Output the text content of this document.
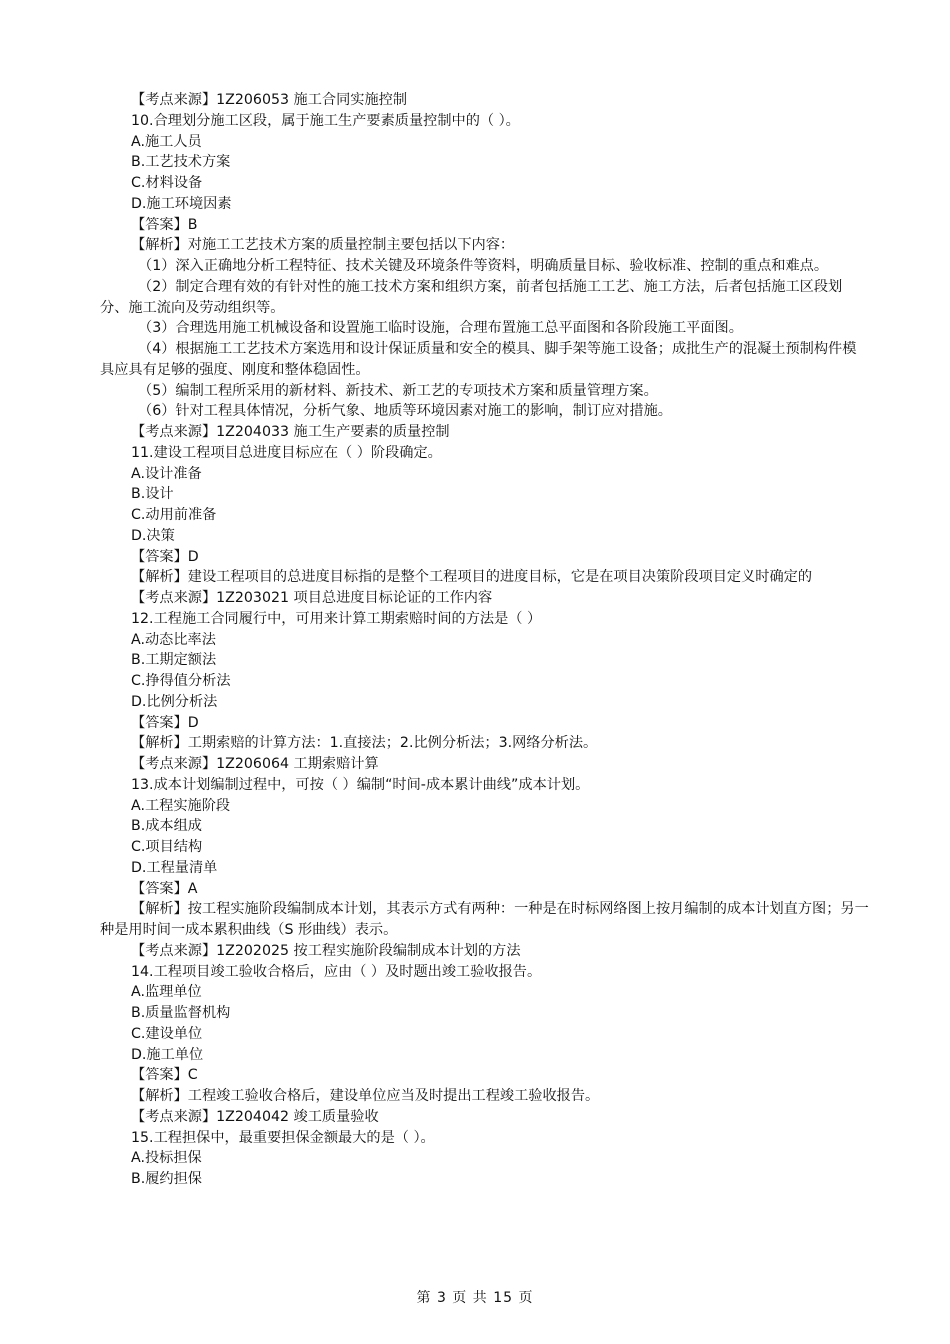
【考点来源】1Z206053 施工合同实施控制
10.合理划分施工区段，属于施工生产要素质量控制中的（ ）。
A.施工人员
B.工艺技术方案
C.材料设备
D.施工环境因素
【答案】B
【解析】对施工工艺技术方案的质量控制主要包括以下内容：
（1）深入正确地分析工程特征、技术关键及环境条件等资料，明确质量目标、验收标准、控制的重点和难点。
（2）制定合理有效的有针对性的施工技术方案和组织方案，前者包括施工工艺、施工方法，后者包括施工区段划分、施工流向及劳动组织等。
（3）合理选用施工机械设备和设置施工临时设施，合理布置施工总平面图和各阶段施工平面图。
（4）根据施工工艺技术方案选用和设计保证质量和安全的模具、脚手架等施工设备；成批生产的混凝土预制构件模具应具有足够的强度、刚度和整体稳固性。
（5）编制工程所采用的新材料、新技术、新工艺的专项技术方案和质量管理方案。
（6）针对工程具体情况，分析气象、地质等环境因素对施工的影响，制订应对措施。
【考点来源】1Z204033 施工生产要素的质量控制
11.建设工程项目总进度目标应在（ ）阶段确定。
A.设计准备
B.设计
C.动用前准备
D.决策
【答案】D
【解析】建设工程项目的总进度目标指的是整个工程项目的进度目标，它是在项目决策阶段项目定义时确定的
【考点来源】1Z203021 项目总进度目标论证的工作内容
12.工程施工合同履行中，可用来计算工期索赔时间的方法是（ ）
A.动态比率法
B.工期定额法
C.挣得值分析法
D.比例分析法
【答案】D
【解析】工期索赔的计算方法：1.直接法；2.比例分析法；3.网络分析法。
【考点来源】1Z206064 工期索赔计算
13.成本计划编制过程中，可按（ ）编制“时间-成本累计曲线”成本计划。
A.工程实施阶段
B.成本组成
C.项目结构
D.工程量清单
【答案】A
【解析】按工程实施阶段编制成本计划，其表示方式有两种：一种是在时标网络图上按月编制的成本计划直方图；另一种是用时间一成本累积曲线（S 形曲线）表示。
【考点来源】1Z202025 按工程实施阶段编制成本计划的方法
14.工程项目竣工验收合格后，应由（ ）及时题出竣工验收报告。
A.监理单位
B.质量监督机构
C.建设单位
D.施工单位
【答案】C
【解析】工程竣工验收合格后，建设单位应当及时提出工程竣工验收报告。
【考点来源】1Z204042 竣工质量验收
15.工程担保中，最重要担保金额最大的是（ ）。
A.投标担保
B.履约担保
第 3 页 共 15 页
